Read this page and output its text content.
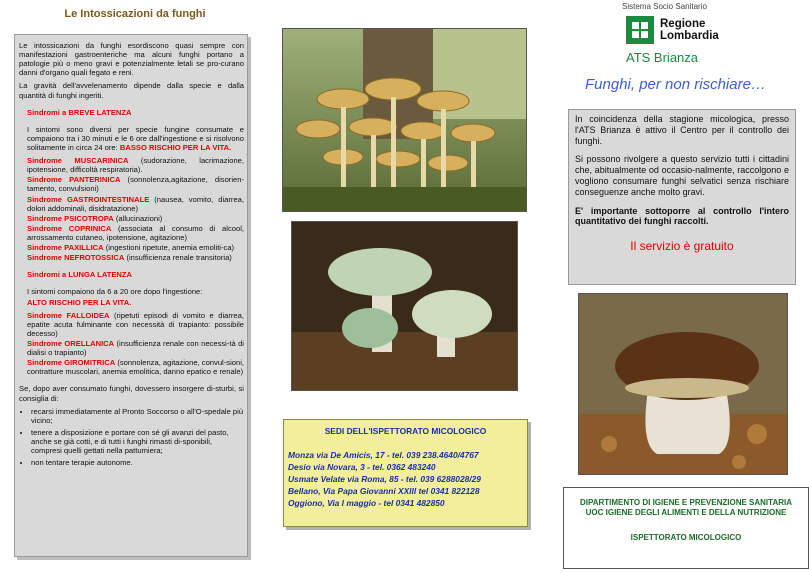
Le Intossicazioni da funghi

Le intossicazioni da funghi esordiscono quasi sempre con manifestazioni gastroenteriche ma alcuni funghi portano a patologie più o meno gravi e potenzialmente letali se pro-curano danni d'organo quali fegato e reni.

La gravità dell'avvelenamento dipende dalla specie e dalla quantità di funghi ingeriti.

Sindromi a BREVE LATENZA

I sintomi sono diversi per specie fungine consumate e compaiono tra i 30 minuti e le 6 ore dall'ingestione e si risolvono solitamente in circa 24 ore: BASSO RISCHIO PER LA VITA.

Sindrome MUSCARINICA (sudorazione, lacrimazione, ipotensione, difficoltà respiratoria).

Sindrome PANTERINICA (sonnolenza,agitazione, disorien-tamento, convulsioni)

Sindrome GASTROINTESTINALE (nausea, vomito, diarrea, dolori addominali, disidratazione)

Sindrome PSICOTROPA (allucinazioni)

Sindrome COPRINICA (associata al consumo di alcool, arrossamento cutaneo, ipotensione, agitazione)

Sindrome PAXILLICA (ingestioni ripetute, anemia emoliti-ca)

Sindrome NEFROTOSSICA (insufficienza renale transitoria)

Sindromi a LUNGA LATENZA

I sintomi compaiono da 6 a 20 ore dopo l'ingestione:

ALTO RISCHIO PER LA VITA.

Sindrome FALLOIDEA (ripetuti episodi di vomito e diarrea, epatite acuta fulminante con necessità di trapianto: possibile decesso)

Sindrome ORELLANICA (insufficienza renale con necessi-tà di dialisi o trapianto)

Sindrome GIROMITRICA (sonnolenza, agitazione, convul-sioni, contratture muscolari, anemia emolitica, danno epatico e renale)

Se, dopo aver consumato funghi, dovessero insorgere di-sturbi, si consiglia di:

• recarsi immediatamente al Pronto Soccorso o all'O-spedale più vicino;
• tenere a disposizione e portare con sé gli avanzi del pasto, anche se già cotti, e di tutti i funghi rimasti di-sponibili, compresi quelli gettati nella pattumiera;
• non tentare terapie autonome.
SEDI DELL'ISPETTORATO MICOLOGICO
Monza via De Amicis, 17 - tel. 039 238.4640/4767
Desio via Novara, 3 - tel. 0362 483240
Usmate Velate via Roma, 85 - tel. 039 6288028/29
Bellano, Via Papa Giovanni XXIII tel 0341 822128
Oggiono, Via I maggio - tel 0341 482850
Sistema Socio Sanitario
Regione
Lombardia
ATS Brianza
Funghi, per non rischiare…

In coincidenza della stagione micologica, presso l'ATS Brianza è attivo il Centro per il controllo dei funghi.

Si possono rivolgere a questo servizio tutti i cittadini che, abitualmente od occasio-nalmente, raccolgono e vogliono consumare funghi selvatici senza rischiare conseguenze anche molto gravi.

E' importante sottoporre al controllo l'intero quantitativo dei funghi raccolti.

Il servizio è gratuito

DIPARTIMENTO DI IGIENE E PREVENZIONE SANITARIA
UOC IGIENE DEGLI ALIMENTI E DELLA NUTRIZIONE
ISPETTORATO MICOLOGICO
